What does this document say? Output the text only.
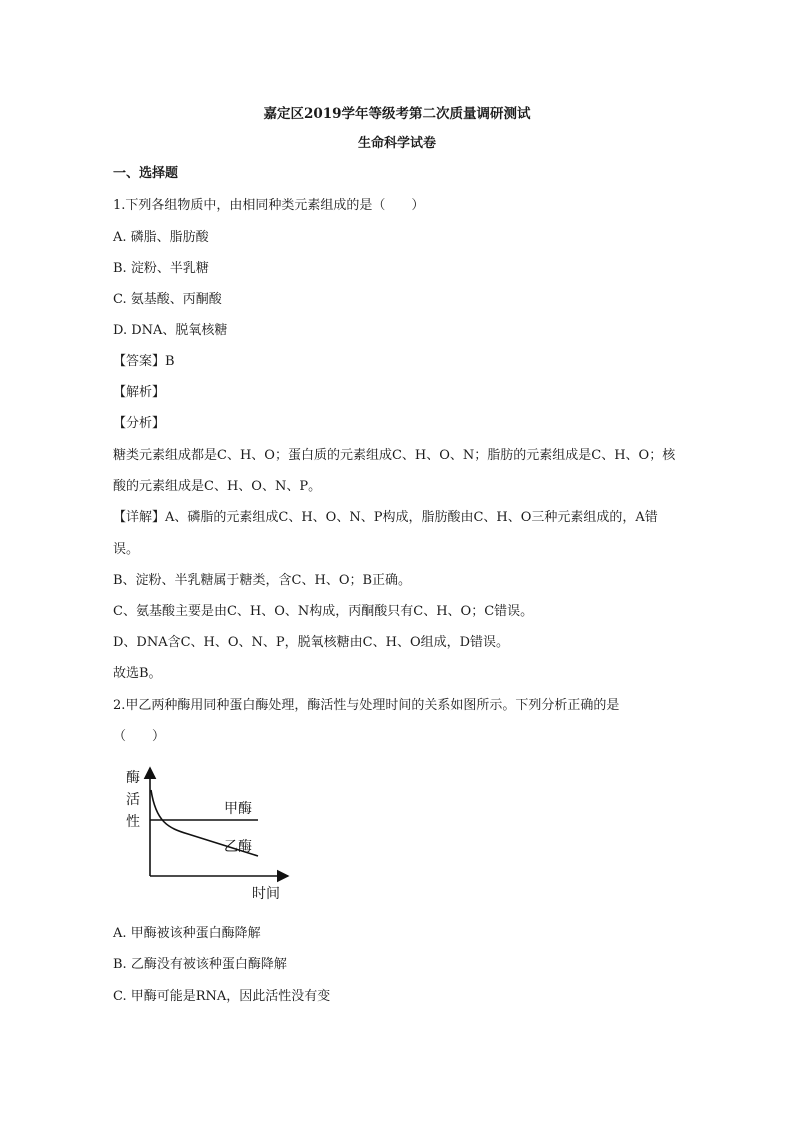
嘉定区2019学年等级考第二次质量调研测试

生命科学试卷

一、选择题

1.下列各组物质中，由相同种类元素组成的是（　　）

A. 磷脂、脂肪酸

B. 淀粉、半乳糖

C. 氨基酸、丙酮酸

D. DNA、脱氧核糖

【答案】B

【解析】

【分析】

糖类元素组成都是C、H、O；蛋白质的元素组成C、H、O、N；脂肪的元素组成是C、H、O；核

酸的元素组成是C、H、O、N、P。

【详解】A、磷脂的元素组成C、H、O、N、P构成，脂肪酸由C、H、O三种元素组成的，A错

误。

B、淀粉、半乳糖属于糖类，含C、H、O；B正确。

C、氨基酸主要是由C、H、O、N构成，丙酮酸只有C、H、O；C错误。

D、DNA含C、H、O、N、P，脱氧核糖由C、H、O组成，D错误。

故选B。

2.甲乙两种酶用同种蛋白酶处理，酶活性与处理时间的关系如图所示。下列分析正确的是

（　　）

酶
活
性
甲酶
乙酶
时间

A. 甲酶被该种蛋白酶降解

B. 乙酶没有被该种蛋白酶降解

C. 甲酶可能是RNA，因此活性没有变
